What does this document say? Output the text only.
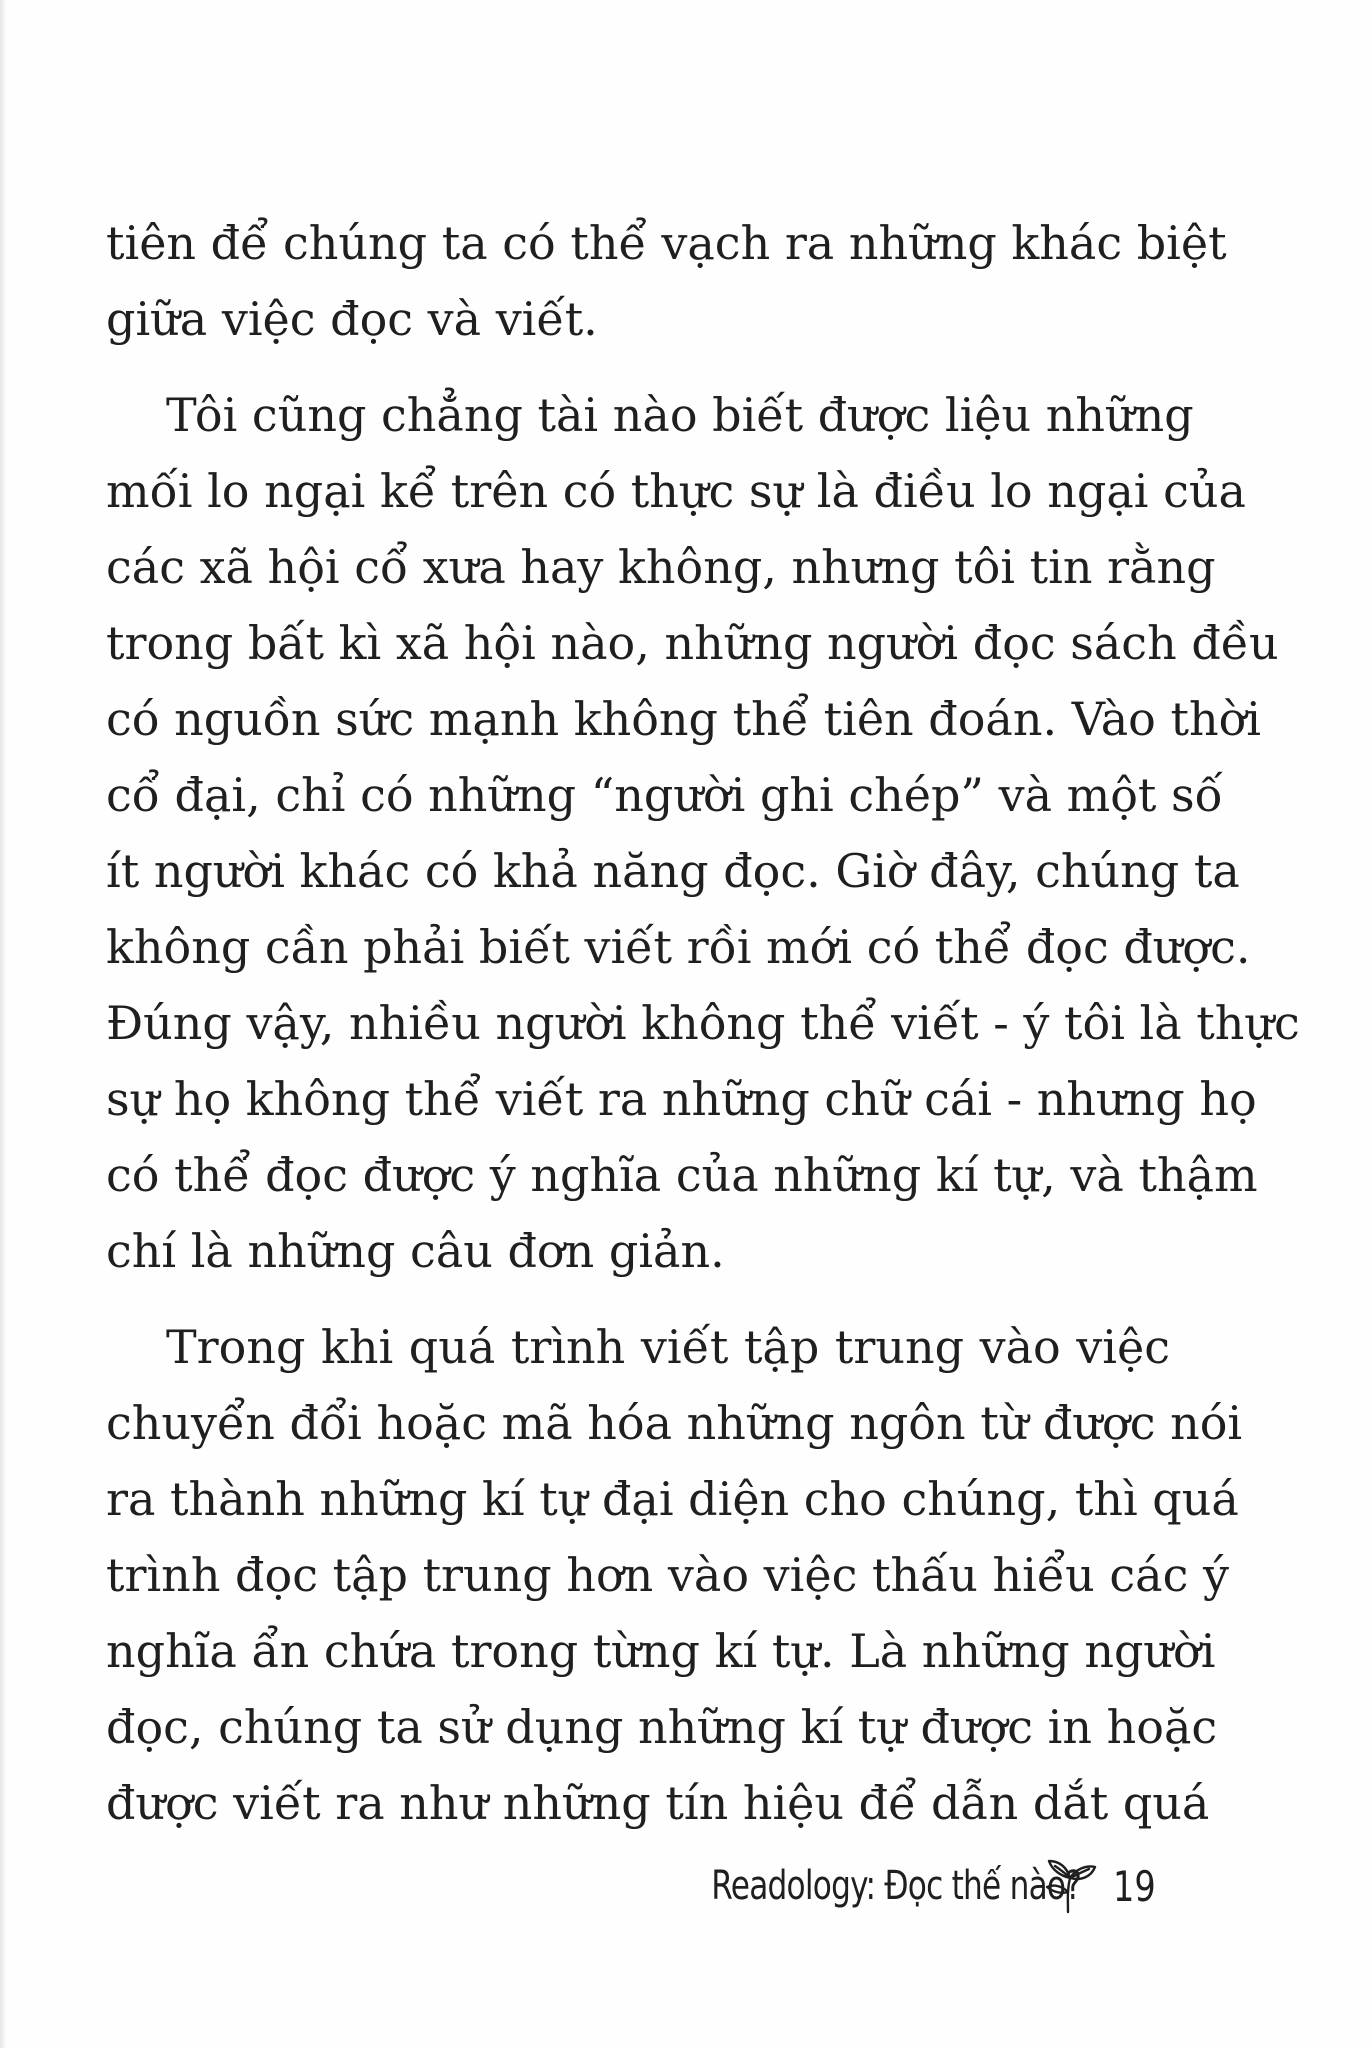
tiên để chúng ta có thể vạch ra những khác biệt
giữa việc đọc và viết.
Tôi cũng chẳng tài nào biết được liệu những
mối lo ngại kể trên có thực sự là điều lo ngại của
các xã hội cổ xưa hay không, nhưng tôi tin rằng
trong bất kì xã hội nào, những người đọc sách đều
có nguồn sức mạnh không thể tiên đoán. Vào thời
cổ đại, chỉ có những “người ghi chép” và một số
ít người khác có khả năng đọc. Giờ đây, chúng ta
không cần phải biết viết rồi mới có thể đọc được.
Đúng vậy, nhiều người không thể viết - ý tôi là thực
sự họ không thể viết ra những chữ cái - nhưng họ
có thể đọc được ý nghĩa của những kí tự, và thậm
chí là những câu đơn giản.
Trong khi quá trình viết tập trung vào việc
chuyển đổi hoặc mã hóa những ngôn từ được nói
ra thành những kí tự đại diện cho chúng, thì quá
trình đọc tập trung hơn vào việc thấu hiểu các ý
nghĩa ẩn chứa trong từng kí tự. Là những người
đọc, chúng ta sử dụng những kí tự được in hoặc
được viết ra như những tín hiệu để dẫn dắt quá
Readology: Đọc thế nào? 19
